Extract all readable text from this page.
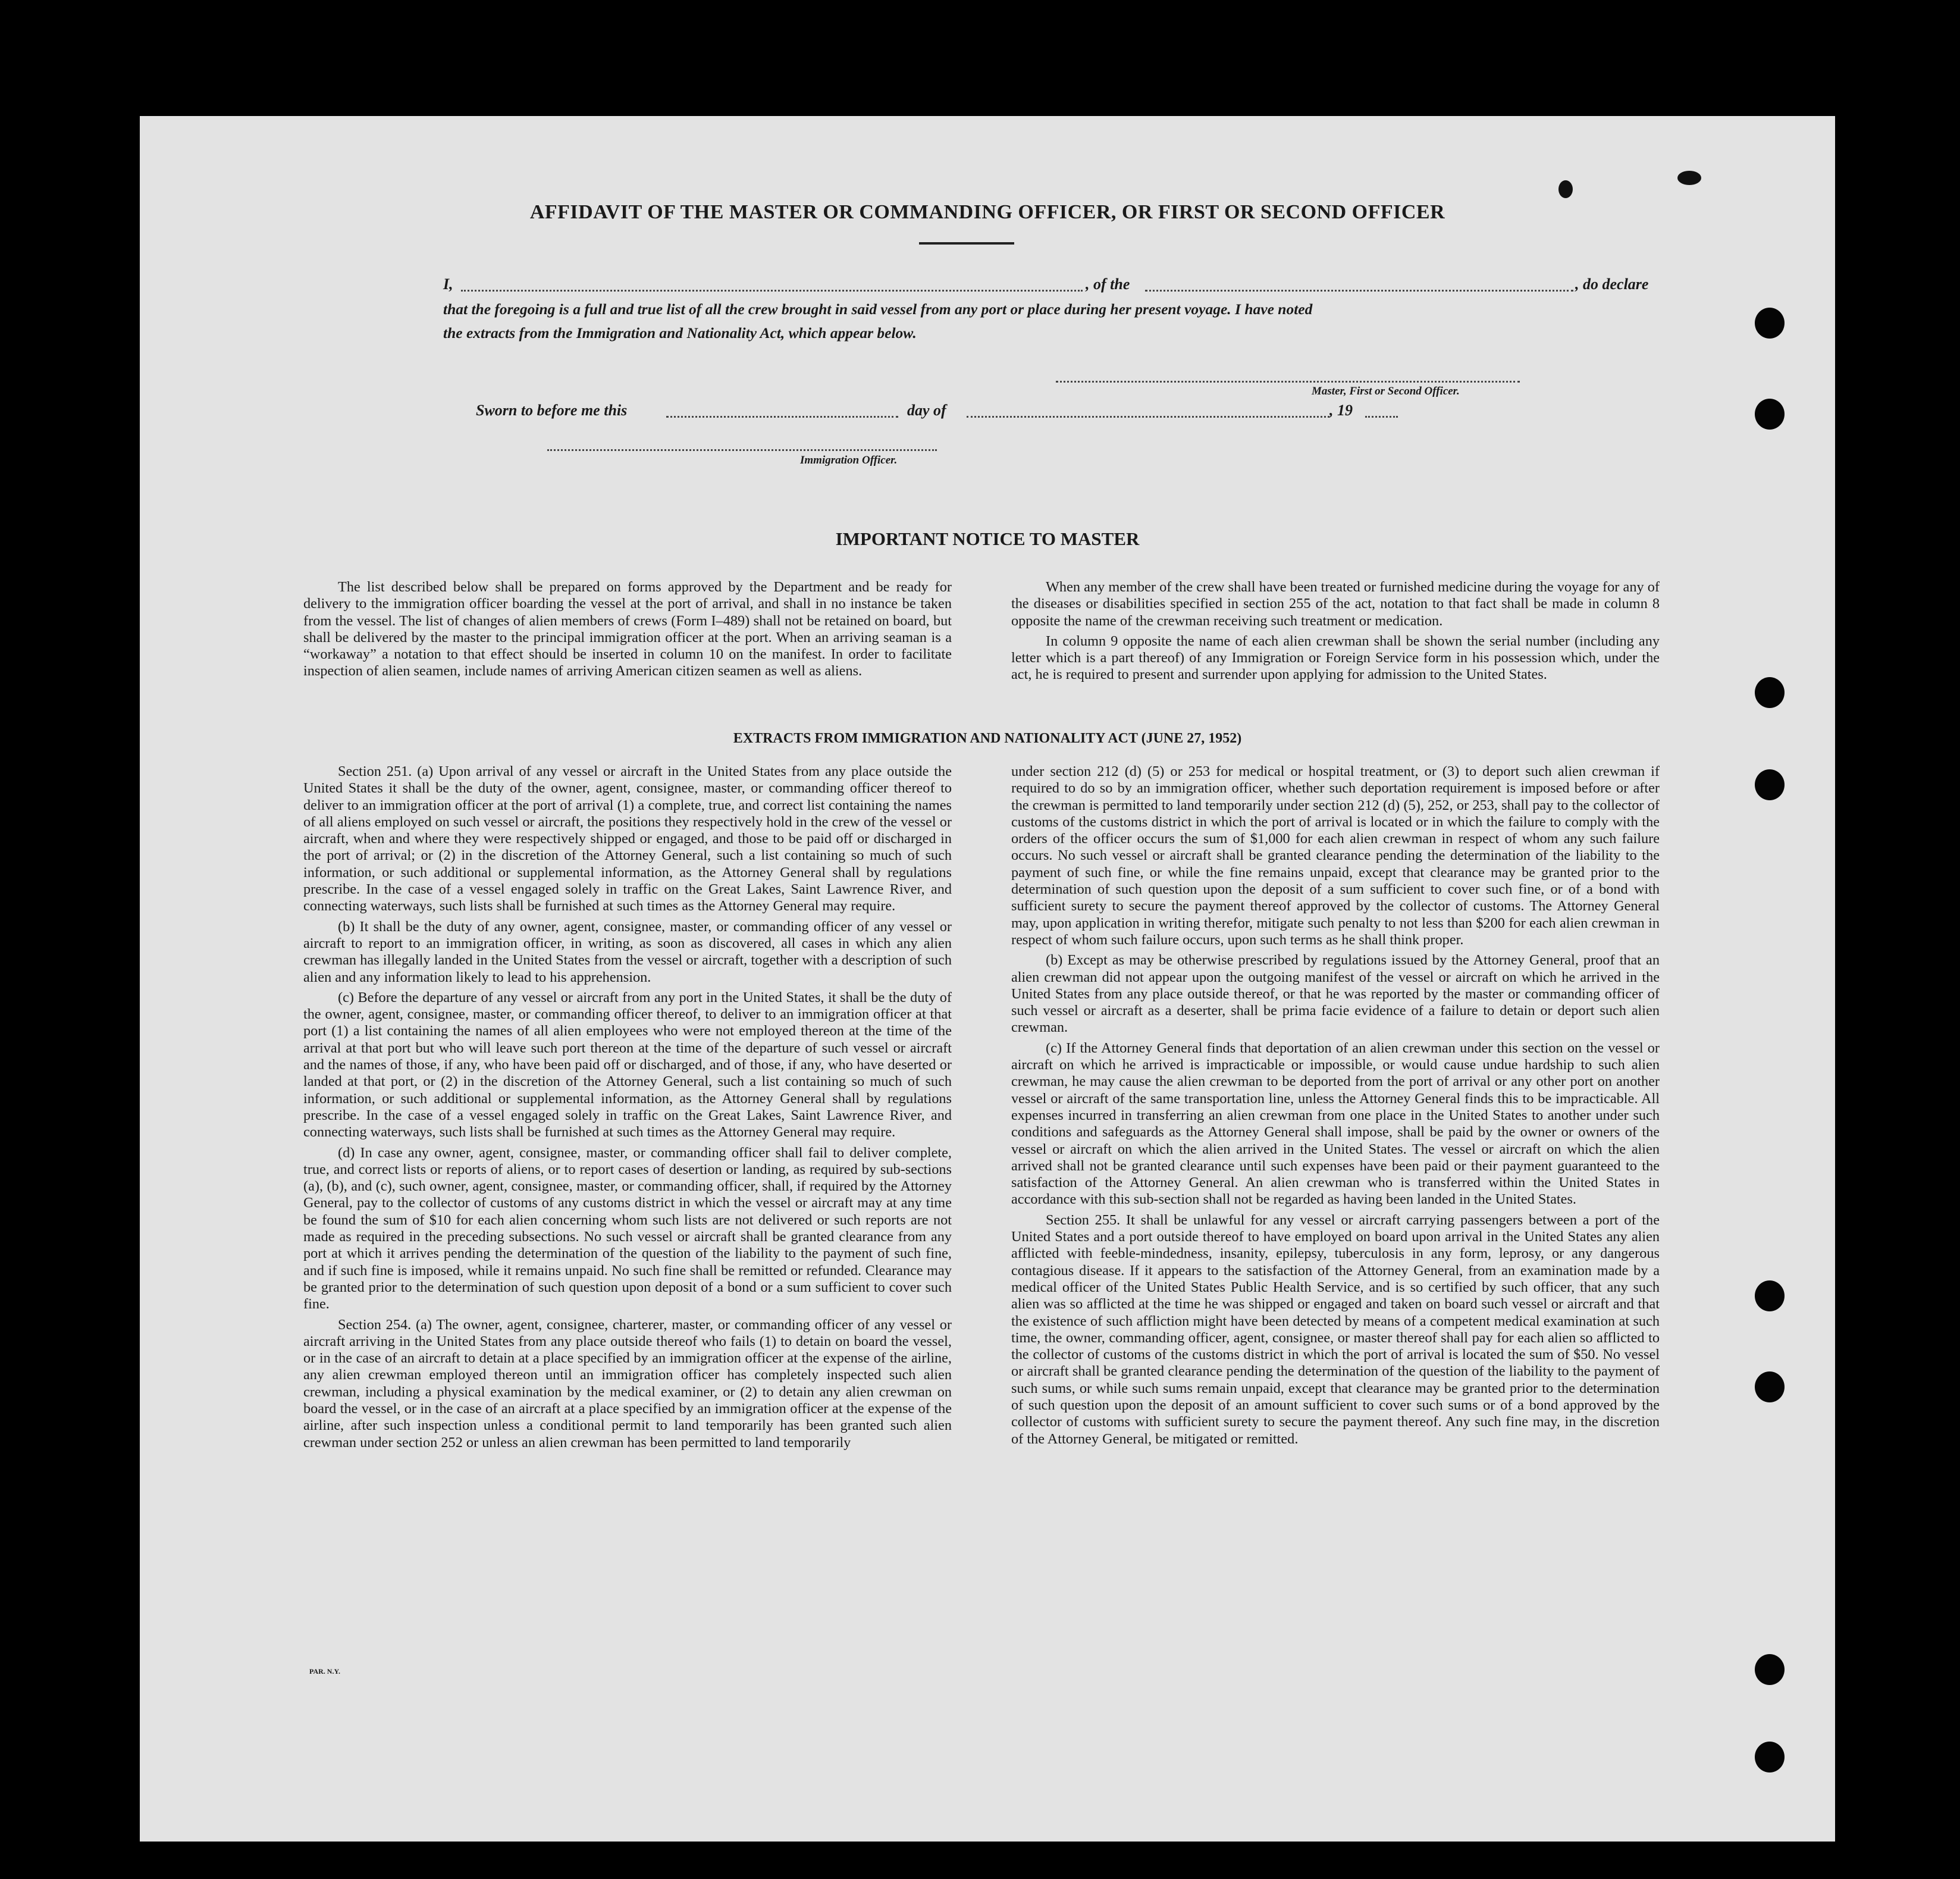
AFFIDAVIT OF THE MASTER OR COMMANDING OFFICER, OR FIRST OR SECOND OFFICER
I,	, of the	, do declare
that the foregoing is a full and true list of all the crew brought in said vessel from any port or place during her present voyage. I have noted
the extracts from the Immigration and Nationality Act, which appear below.
Master, First or Second Officer.
Sworn to before me this	day of	, 19
Immigration Officer.
IMPORTANT NOTICE TO MASTER

The list described below shall be prepared on forms approved by the Department and be ready for delivery to the immigration officer boarding the vessel at the port of arrival, and shall in no instance be taken from the vessel. The list of changes of alien members of crews (Form I–489) shall not be retained on board, but shall be delivered by the master to the principal immigration officer at the port. When an arriving seaman is a “workaway” a notation to that effect should be inserted in column 10 on the manifest. In order to facilitate inspection of alien seamen, include names of arriving American citizen seamen as well as aliens.

When any member of the crew shall have been treated or furnished medicine during the voyage for any of the diseases or disabilities specified in section 255 of the act, notation to that fact shall be made in column 8 opposite the name of the crewman receiving such treatment or medication.

In column 9 opposite the name of each alien crewman shall be shown the serial number (including any letter which is a part thereof) of any Immigration or Foreign Service form in his possession which, under the act, he is required to present and surrender upon applying for admission to the United States.

EXTRACTS FROM IMMIGRATION AND NATIONALITY ACT (JUNE 27, 1952)

Section 251. (a) Upon arrival of any vessel or aircraft in the United States from any place outside the United States it shall be the duty of the owner, agent, consignee, master, or commanding officer thereof to deliver to an immigration officer at the port of arrival (1) a complete, true, and correct list containing the names of all aliens employed on such vessel or aircraft, the positions they respectively hold in the crew of the vessel or aircraft, when and where they were respectively shipped or engaged, and those to be paid off or discharged in the port of arrival; or (2) in the discretion of the Attorney General, such a list containing so much of such information, or such additional or supplemental information, as the Attorney General shall by regulations prescribe. In the case of a vessel engaged solely in traffic on the Great Lakes, Saint Lawrence River, and connecting waterways, such lists shall be furnished at such times as the Attorney General may require.

(b) It shall be the duty of any owner, agent, consignee, master, or commanding officer of any vessel or aircraft to report to an immigration officer, in writing, as soon as discovered, all cases in which any alien crewman has illegally landed in the United States from the vessel or aircraft, together with a description of such alien and any information likely to lead to his apprehension.

(c) Before the departure of any vessel or aircraft from any port in the United States, it shall be the duty of the owner, agent, consignee, master, or commanding officer thereof, to deliver to an immigration officer at that port (1) a list containing the names of all alien employees who were not employed thereon at the time of the arrival at that port but who will leave such port thereon at the time of the departure of such vessel or aircraft and the names of those, if any, who have been paid off or discharged, and of those, if any, who have deserted or landed at that port, or (2) in the discretion of the Attorney General, such a list containing so much of such information, or such additional or supplemental information, as the Attorney General shall by regulations prescribe. In the case of a vessel engaged solely in traffic on the Great Lakes, Saint Lawrence River, and connecting waterways, such lists shall be furnished at such times as the Attorney General may require.

(d) In case any owner, agent, consignee, master, or commanding officer shall fail to deliver complete, true, and correct lists or reports of aliens, or to report cases of desertion or landing, as required by sub-sections (a), (b), and (c), such owner, agent, consignee, master, or commanding officer, shall, if required by the Attorney General, pay to the collector of customs of any customs district in which the vessel or aircraft may at any time be found the sum of $10 for each alien concerning whom such lists are not delivered or such reports are not made as required in the preceding subsections. No such vessel or aircraft shall be granted clearance from any port at which it arrives pending the determination of the question of the liability to the payment of such fine, and if such fine is imposed, while it remains unpaid. No such fine shall be remitted or refunded. Clearance may be granted prior to the determination of such question upon deposit of a bond or a sum sufficient to cover such fine.

Section 254. (a) The owner, agent, consignee, charterer, master, or commanding officer of any vessel or aircraft arriving in the United States from any place outside thereof who fails (1) to detain on board the vessel, or in the case of an aircraft to detain at a place specified by an immigration officer at the expense of the airline, any alien crewman employed thereon until an immigration officer has completely inspected such alien crewman, including a physical examination by the medical examiner, or (2) to detain any alien crewman on board the vessel, or in the case of an aircraft at a place specified by an immigration officer at the expense of the airline, after such inspection unless a conditional permit to land temporarily has been granted such alien crewman under section 252 or unless an alien crewman has been permitted to land temporarily

under section 212 (d) (5) or 253 for medical or hospital treatment, or (3) to deport such alien crewman if required to do so by an immigration officer, whether such deportation requirement is imposed before or after the crewman is permitted to land temporarily under section 212 (d) (5), 252, or 253, shall pay to the collector of customs of the customs district in which the port of arrival is located or in which the failure to comply with the orders of the officer occurs the sum of $1,000 for each alien crewman in respect of whom any such failure occurs. No such vessel or aircraft shall be granted clearance pending the determination of the liability to the payment of such fine, or while the fine remains unpaid, except that clearance may be granted prior to the determination of such question upon the deposit of a sum sufficient to cover such fine, or of a bond with sufficient surety to secure the payment thereof approved by the collector of customs. The Attorney General may, upon application in writing therefor, mitigate such penalty to not less than $200 for each alien crewman in respect of whom such failure occurs, upon such terms as he shall think proper.

(b) Except as may be otherwise prescribed by regulations issued by the Attorney General, proof that an alien crewman did not appear upon the outgoing manifest of the vessel or aircraft on which he arrived in the United States from any place outside thereof, or that he was reported by the master or commanding officer of such vessel or aircraft as a deserter, shall be prima facie evidence of a failure to detain or deport such alien crewman.

(c) If the Attorney General finds that deportation of an alien crewman under this section on the vessel or aircraft on which he arrived is impracticable or impossible, or would cause undue hardship to such alien crewman, he may cause the alien crewman to be deported from the port of arrival or any other port on another vessel or aircraft of the same transportation line, unless the Attorney General finds this to be impracticable. All expenses incurred in transferring an alien crewman from one place in the United States to another under such conditions and safeguards as the Attorney General shall impose, shall be paid by the owner or owners of the vessel or aircraft on which the alien arrived in the United States. The vessel or aircraft on which the alien arrived shall not be granted clearance until such expenses have been paid or their payment guaranteed to the satisfaction of the Attorney General. An alien crewman who is transferred within the United States in accordance with this sub-section shall not be regarded as having been landed in the United States.

Section 255. It shall be unlawful for any vessel or aircraft carrying passengers between a port of the United States and a port outside thereof to have employed on board upon arrival in the United States any alien afflicted with feeble-mindedness, insanity, epilepsy, tuberculosis in any form, leprosy, or any dangerous contagious disease. If it appears to the satisfaction of the Attorney General, from an examination made by a medical officer of the United States Public Health Service, and is so certified by such officer, that any such alien was so afflicted at the time he was shipped or engaged and taken on board such vessel or aircraft and that the existence of such affliction might have been detected by means of a competent medical examination at such time, the owner, commanding officer, agent, consignee, or master thereof shall pay for each alien so afflicted to the collector of customs of the customs district in which the port of arrival is located the sum of $50. No vessel or aircraft shall be granted clearance pending the determination of the question of the liability to the payment of such sums, or while such sums remain unpaid, except that clearance may be granted prior to the determination of such question upon the deposit of an amount sufficient to cover such sums or of a bond approved by the collector of customs with sufficient surety to secure the payment thereof. Any such fine may, in the discretion of the Attorney General, be mitigated or remitted.

PAR. N.Y.
